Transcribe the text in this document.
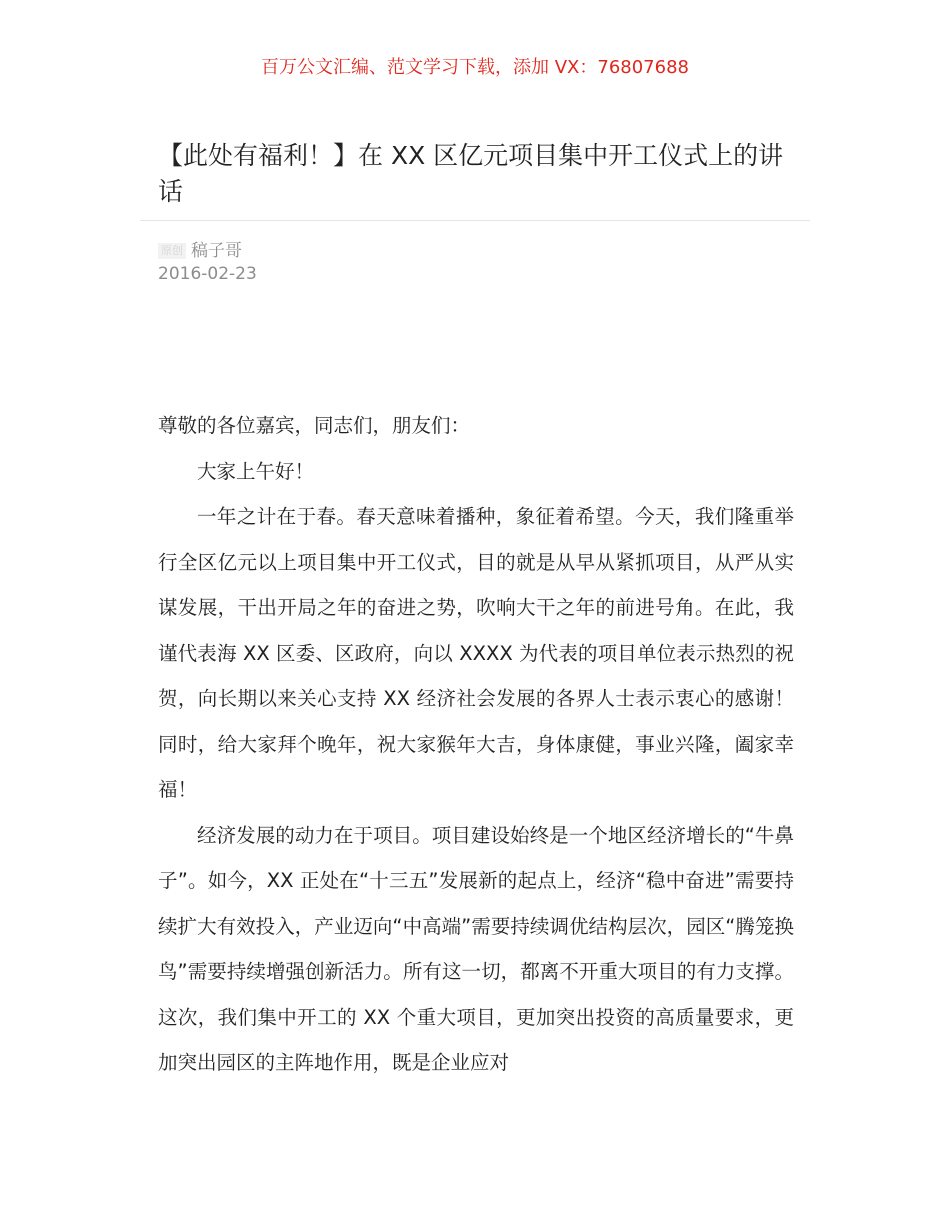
百万公文汇编、范文学习下载，添加 VX：76807688
【此处有福利！】在 XX 区亿元项目集中开工仪式上的讲话
原创 稿子哥
2016-02-23

尊敬的各位嘉宾，同志们，朋友们：

大家上午好！

一年之计在于春。春天意味着播种，象征着希望。今天，我们隆重举行全区亿元以上项目集中开工仪式，目的就是从早从紧抓项目，从严从实谋发展，干出开局之年的奋进之势，吹响大干之年的前进号角。在此，我谨代表海 XX 区委、区政府，向以 XXXX 为代表的项目单位表示热烈的祝贺，向长期以来关心支持 XX 经济社会发展的各界人士表示衷心的感谢！同时，给大家拜个晚年，祝大家猴年大吉，身体康健，事业兴隆，阖家幸福！

经济发展的动力在于项目。项目建设始终是一个地区经济增长的“牛鼻子”。如今，XX 正处在“十三五”发展新的起点上，经济“稳中奋进”需要持续扩大有效投入，产业迈向“中高端”需要持续调优结构层次，园区“腾笼换鸟”需要持续增强创新活力。所有这一切，都离不开重大项目的有力支撑。这次，我们集中开工的 XX 个重大项目，更加突出投资的高质量要求，更加突出园区的主阵地作用，既是企业应对
